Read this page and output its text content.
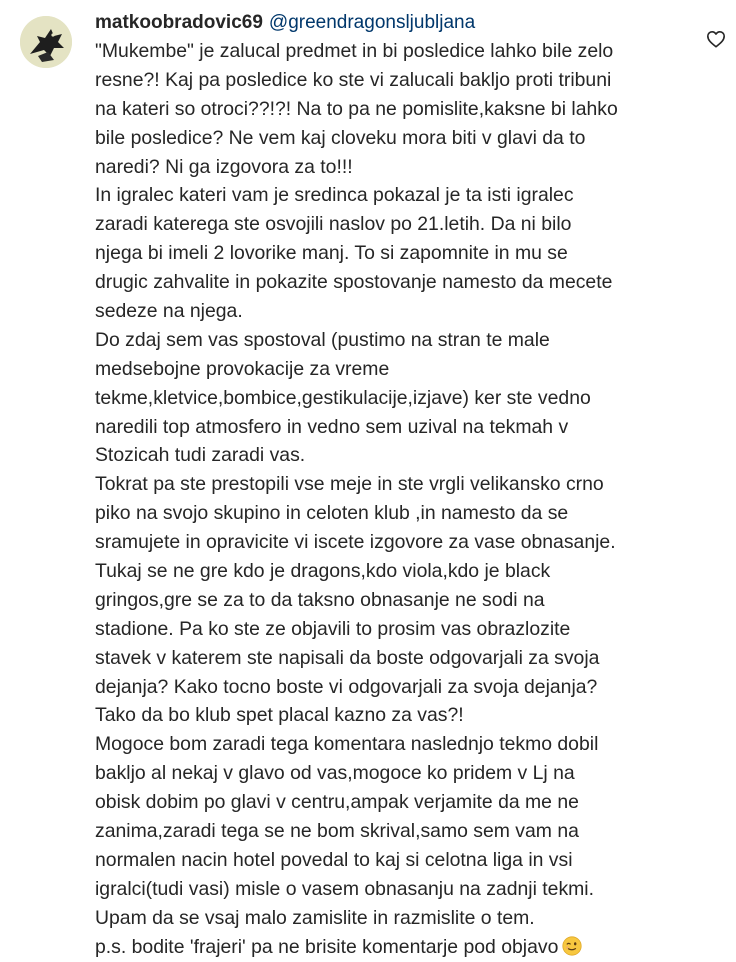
matkoobradovic69 @greendragonsljubljana
"Mukembe" je zalucal predmet in bi posledice lahko bile zelo
resne?! Kaj pa posledice ko ste vi zalucali bakljo proti tribuni
na kateri so otroci??!?! Na to pa ne pomislite,kaksne bi lahko
bile posledice? Ne vem kaj cloveku mora biti v glavi da to
naredi? Ni ga izgovora za to!!!
In igralec kateri vam je sredinca pokazal je ta isti igralec
zaradi katerega ste osvojili naslov po 21.letih. Da ni bilo
njega bi imeli 2 lovorike manj. To si zapomnite in mu se
drugic zahvalite in pokazite spostovanje namesto da mecete
sedeze na njega.
Do zdaj sem vas spostoval (pustimo na stran te male
medsebojne provokacije za vreme
tekme,kletvice,bombice,gestikulacije,izjave) ker ste vedno
naredili top atmosfero in vedno sem uzival na tekmah v
Stozicah tudi zaradi vas.
Tokrat pa ste prestopili vse meje in ste vrgli velikansko crno
piko na svojo skupino in celoten klub ,in namesto da se
sramujete in opravicite vi iscete izgovore za vase obnasanje.
Tukaj se ne gre kdo je dragons,kdo viola,kdo je black
gringos,gre se za to da taksno obnasanje ne sodi na
stadione. Pa ko ste ze objavili to prosim vas obrazlozite
stavek v katerem ste napisali da boste odgovarjali za svoja
dejanja? Kako tocno boste vi odgovarjali za svoja dejanja?
Tako da bo klub spet placal kazno za vas?!
Mogoce bom zaradi tega komentara naslednjo tekmo dobil
bakljo al nekaj v glavo od vas,mogoce ko pridem v Lj na
obisk dobim po glavi v centru,ampak verjamite da me ne
zanima,zaradi tega se ne bom skrival,samo sem vam na
normalen nacin hotel povedal to kaj si celotna liga in vsi
igralci(tudi vasi) misle o vasem obnasanju na zadnji tekmi.
Upam da se vsaj malo zamislite in razmislite o tem.
p.s. bodite 'frajeri' pa ne brisite komentarje pod objavo
